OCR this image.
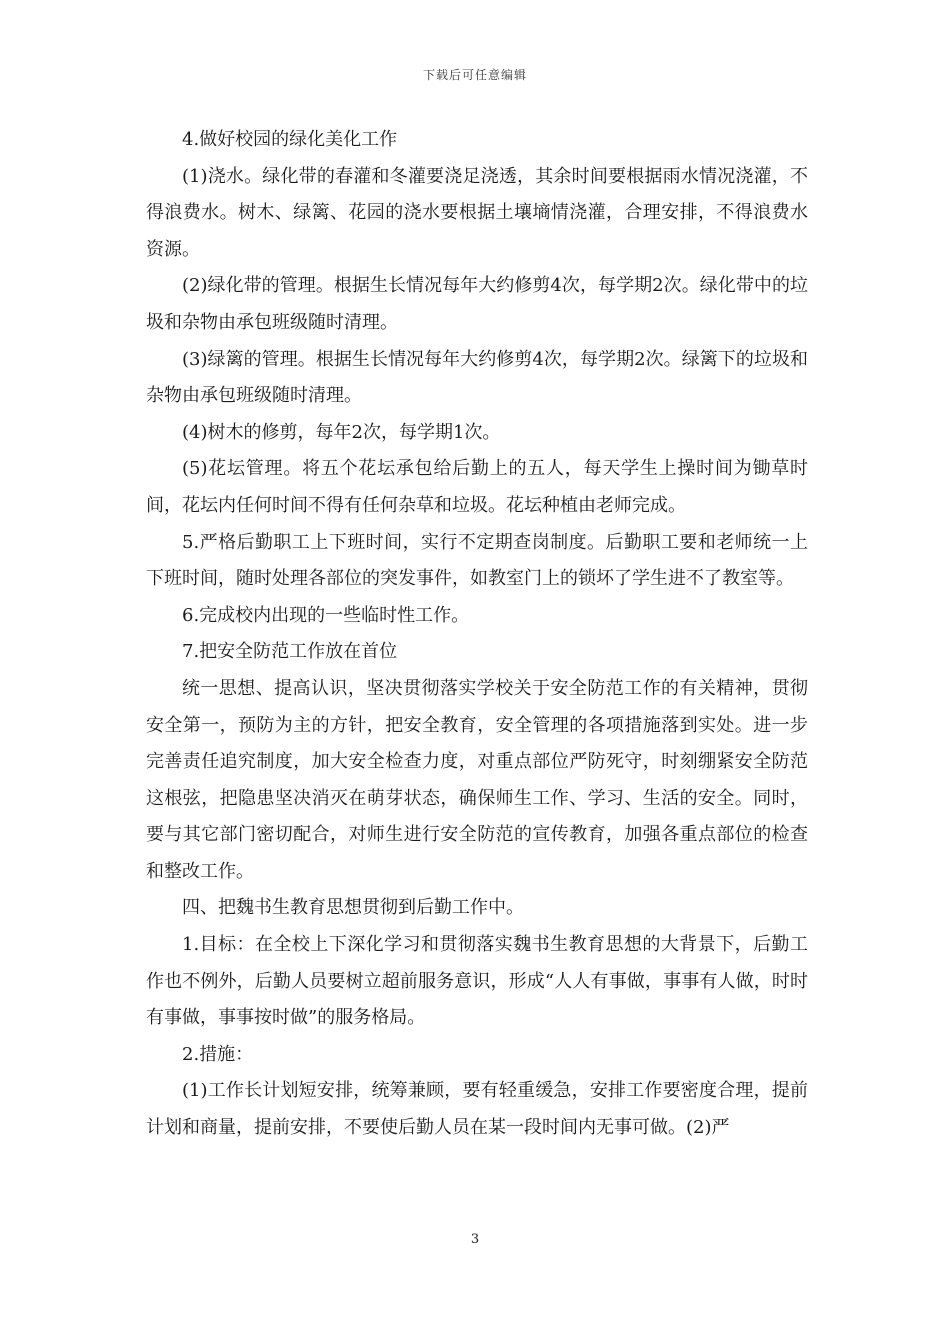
下载后可任意编辑

4.做好校园的绿化美化工作

(1)浇水。绿化带的春灌和冬灌要浇足浇透，其余时间要根据雨水情况浇灌，不得浪费水。树木、绿篱、花园的浇水要根据土壤墒情浇灌，合理安排，不得浪费水资源。

(2)绿化带的管理。根据生长情况每年大约修剪4次，每学期2次。绿化带中的垃圾和杂物由承包班级随时清理。

(3)绿篱的管理。根据生长情况每年大约修剪4次，每学期2次。绿篱下的垃圾和杂物由承包班级随时清理。

(4)树木的修剪，每年2次，每学期1次。

(5)花坛管理。将五个花坛承包给后勤上的五人，每天学生上操时间为锄草时间，花坛内任何时间不得有任何杂草和垃圾。花坛种植由老师完成。

5.严格后勤职工上下班时间，实行不定期查岗制度。后勤职工要和老师统一上下班时间，随时处理各部位的突发事件，如教室门上的锁坏了学生进不了教室等。

6.完成校内出现的一些临时性工作。

7.把安全防范工作放在首位

统一思想、提高认识，坚决贯彻落实学校关于安全防范工作的有关精神，贯彻安全第一，预防为主的方针，把安全教育，安全管理的各项措施落到实处。进一步完善责任追究制度，加大安全检查力度，对重点部位严防死守，时刻绷紧安全防范这根弦，把隐患坚决消灭在萌芽状态，确保师生工作、学习、生活的安全。同时，要与其它部门密切配合，对师生进行安全防范的宣传教育，加强各重点部位的检查和整改工作。

四、把魏书生教育思想贯彻到后勤工作中。

1.目标：在全校上下深化学习和贯彻落实魏书生教育思想的大背景下，后勤工作也不例外，后勤人员要树立超前服务意识，形成“人人有事做，事事有人做，时时有事做，事事按时做”的服务格局。

2.措施：

(1)工作长计划短安排，统筹兼顾，要有轻重缓急，安排工作要密度合理，提前计划和商量，提前安排，不要使后勤人员在某一段时间内无事可做。(2)严

3
